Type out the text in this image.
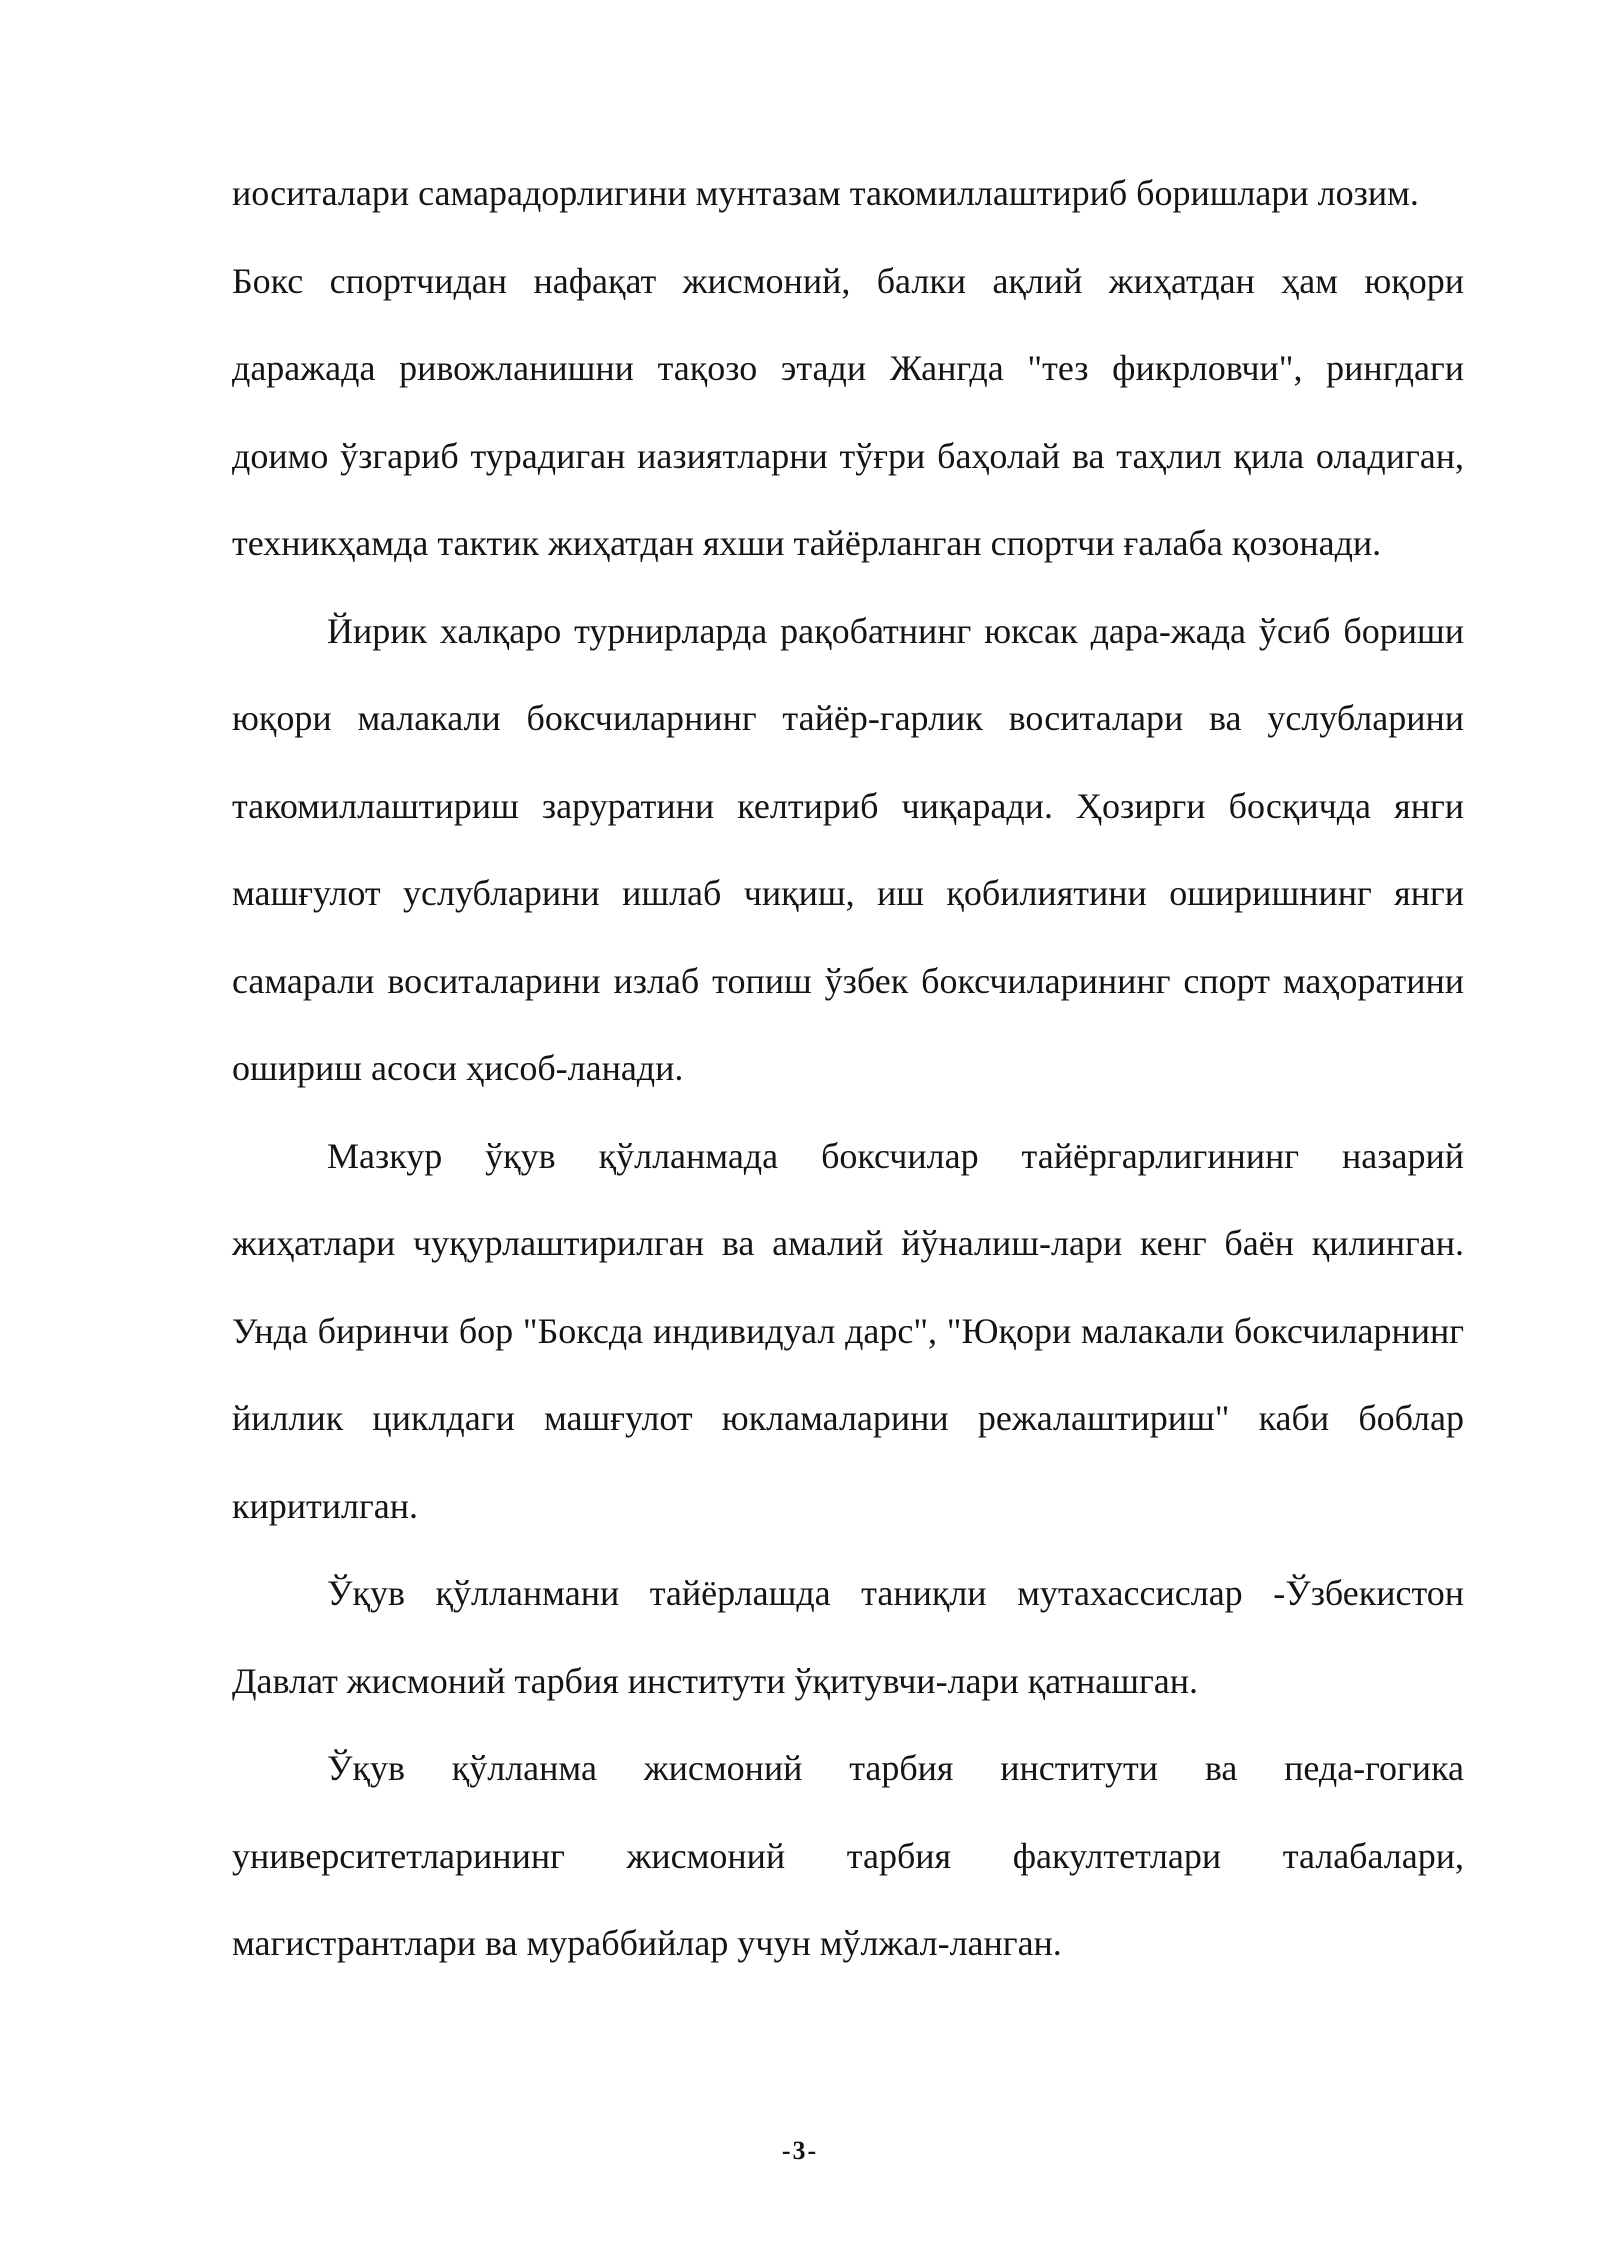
иоситалари самарадорлигини мунтазам такомиллаштириб боришлари лозим.

Бокс спортчидан нафақат жисмоний, балки ақлий жиҳатдан ҳам юқори даражада ривожланишни тақозо этади Жангда "тез фикрловчи", рингдаги доимо ўзгариб турадиган иазиятларни тўғри баҳолай ва таҳлил қила оладиган, техникҳамда тактик жиҳатдан яхши тайёрланган спортчи ғалаба қозонади.

Йирик халқаро турнирларда рақобатнинг юксак дара-жада ўсиб бориши юқори малакали боксчиларнинг тайёр-гарлик воситалари ва услубларини такомиллаштириш заруратини келтириб чиқаради. Ҳозирги босқичда янги машғулот услубларини ишлаб чиқиш, иш қобилиятини оширишнинг янги самарали воситаларини излаб топиш ўзбек боксчиларининг спорт маҳоратини ошириш асоси ҳисоб-ланади.

Мазкур ўқув қўлланмада боксчилар тайёргарлигининг назарий жиҳатлари чуқурлаштирилган ва амалий йўналиш-лари кенг баён қилинган. Унда биринчи бор "Боксда индивидуал дарс", "Юқори малакали боксчиларнинг йиллик циклдаги машғулот юкламаларини режалаштириш" каби боблар киритилган.

Ўқув қўлланмани тайёрлашда таниқли мутахассислар -Ўзбекистон Давлат жисмоний тарбия институти ўқитувчи-лари қатнашган.

Ўқув қўлланма жисмоний тарбия институти ва педа-гогика университетларининг жисмоний тарбия факултетлари талабалари, магистрантлари ва мураббийлар учун мўлжал-ланган.

-3-
